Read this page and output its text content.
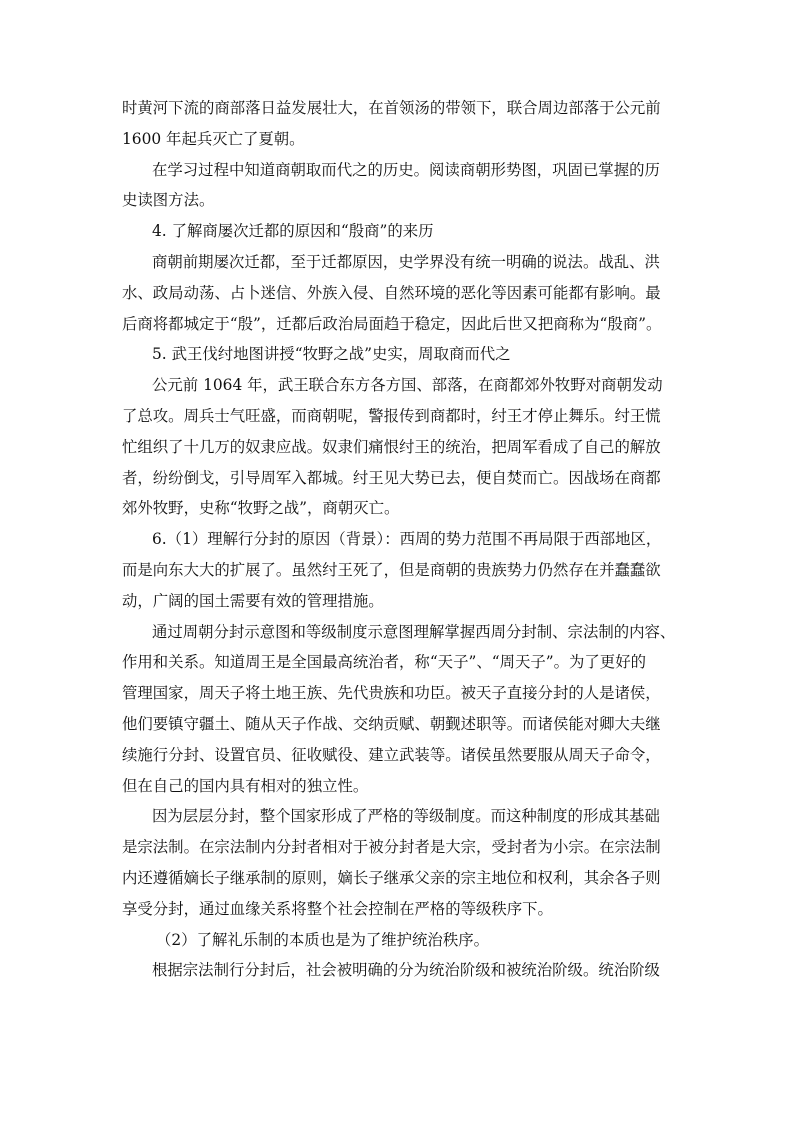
时黄河下流的商部落日益发展壮大，在首领汤的带领下，联合周边部落于公元前
1600 年起兵灭亡了夏朝。
在学习过程中知道商朝取而代之的历史。阅读商朝形势图，巩固已掌握的历
史读图方法。
4. 了解商屡次迁都的原因和“殷商”的来历
商朝前期屡次迁都，至于迁都原因，史学界没有统一明确的说法。战乱、洪
水、政局动荡、占卜迷信、外族入侵、自然环境的恶化等因素可能都有影响。最
后商将都城定于“殷”，迁都后政治局面趋于稳定，因此后世又把商称为“殷商”。
5. 武王伐纣地图讲授“牧野之战”史实，周取商而代之
公元前 1064 年，武王联合东方各方国、部落，在商都郊外牧野对商朝发动
了总攻。周兵士气旺盛，而商朝呢，警报传到商都时，纣王才停止舞乐。纣王慌
忙组织了十几万的奴隶应战。奴隶们痛恨纣王的统治，把周军看成了自己的解放
者，纷纷倒戈，引导周军入都城。纣王见大势已去，便自焚而亡。因战场在商都
郊外牧野，史称“牧野之战”，商朝灭亡。
6.（1）理解行分封的原因（背景）：西周的势力范围不再局限于西部地区，
而是向东大大的扩展了。虽然纣王死了，但是商朝的贵族势力仍然存在并蠢蠢欲
动，广阔的国土需要有效的管理措施。
通过周朝分封示意图和等级制度示意图理解掌握西周分封制、宗法制的内容、
作用和关系。知道周王是全国最高统治者，称“天子”、“周天子”。为了更好的
管理国家，周天子将土地王族、先代贵族和功臣。被天子直接分封的人是诸侯，
他们要镇守疆土、随从天子作战、交纳贡赋、朝觐述职等。而诸侯能对卿大夫继
续施行分封、设置官员、征收赋役、建立武装等。诸侯虽然要服从周天子命令，
但在自己的国内具有相对的独立性。
因为层层分封，整个国家形成了严格的等级制度。而这种制度的形成其基础
是宗法制。在宗法制内分封者相对于被分封者是大宗，受封者为小宗。在宗法制
内还遵循嫡长子继承制的原则，嫡长子继承父亲的宗主地位和权利，其余各子则
享受分封，通过血缘关系将整个社会控制在严格的等级秩序下。
（2）了解礼乐制的本质也是为了维护统治秩序。
根据宗法制行分封后，社会被明确的分为统治阶级和被统治阶级。统治阶级
